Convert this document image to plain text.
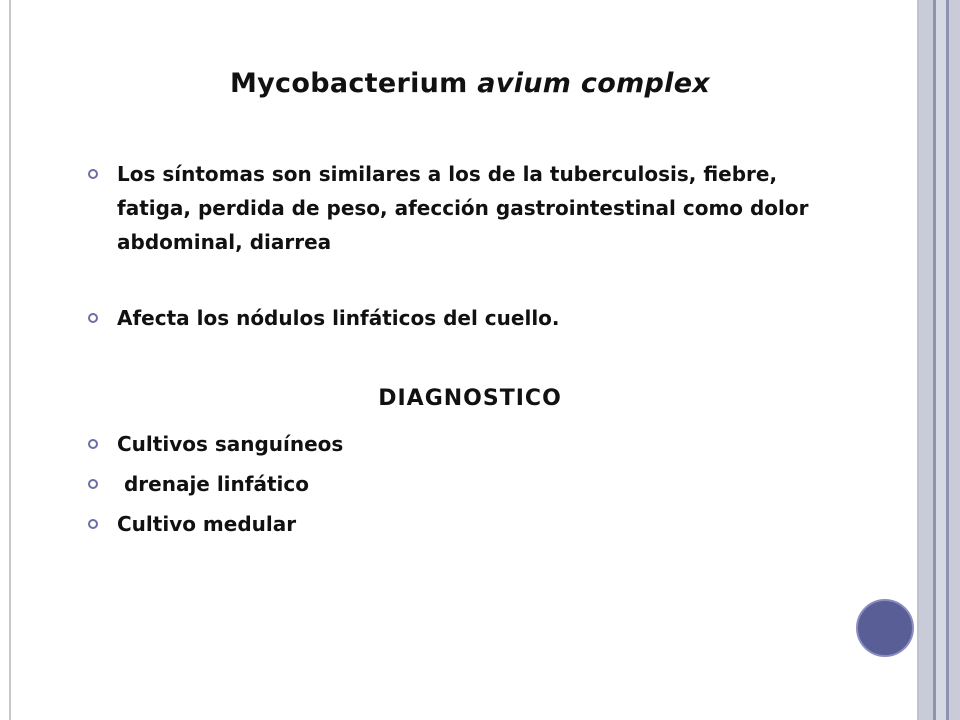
Mycobacterium avium complex
Los síntomas son similares a los de la tuberculosis, fiebre, fatiga, perdida de peso, afección gastrointestinal como dolor abdominal, diarrea
Afecta los nódulos linfáticos del cuello.
DIAGNOSTICO
Cultivos sanguíneos
drenaje linfático
Cultivo medular
